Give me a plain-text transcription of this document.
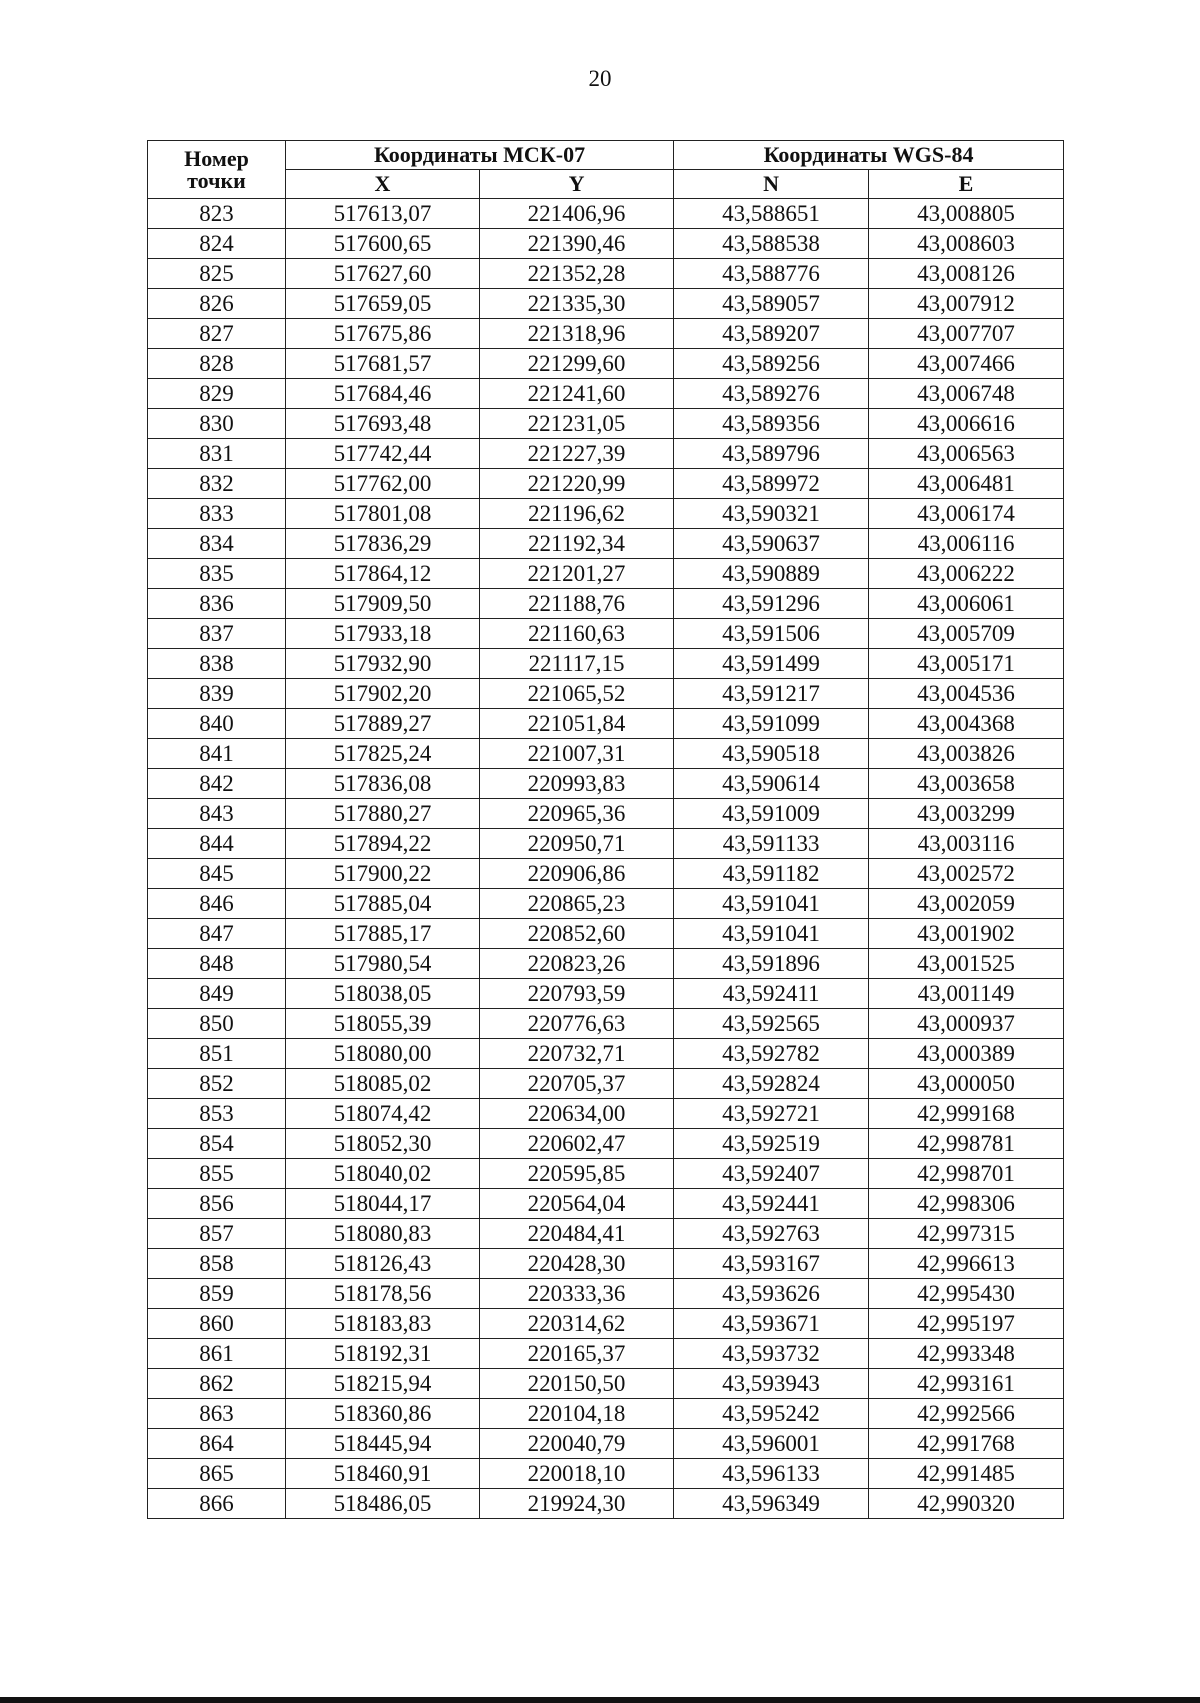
20
Номер
точки	Координаты МСК-07		Координаты WGS-84	
	X	Y	N	E
823	517613,07	221406,96	43,588651	43,008805
824	517600,65	221390,46	43,588538	43,008603
825	517627,60	221352,28	43,588776	43,008126
826	517659,05	221335,30	43,589057	43,007912
827	517675,86	221318,96	43,589207	43,007707
828	517681,57	221299,60	43,589256	43,007466
829	517684,46	221241,60	43,589276	43,006748
830	517693,48	221231,05	43,589356	43,006616
831	517742,44	221227,39	43,589796	43,006563
832	517762,00	221220,99	43,589972	43,006481
833	517801,08	221196,62	43,590321	43,006174
834	517836,29	221192,34	43,590637	43,006116
835	517864,12	221201,27	43,590889	43,006222
836	517909,50	221188,76	43,591296	43,006061
837	517933,18	221160,63	43,591506	43,005709
838	517932,90	221117,15	43,591499	43,005171
839	517902,20	221065,52	43,591217	43,004536
840	517889,27	221051,84	43,591099	43,004368
841	517825,24	221007,31	43,590518	43,003826
842	517836,08	220993,83	43,590614	43,003658
843	517880,27	220965,36	43,591009	43,003299
844	517894,22	220950,71	43,591133	43,003116
845	517900,22	220906,86	43,591182	43,002572
846	517885,04	220865,23	43,591041	43,002059
847	517885,17	220852,60	43,591041	43,001902
848	517980,54	220823,26	43,591896	43,001525
849	518038,05	220793,59	43,592411	43,001149
850	518055,39	220776,63	43,592565	43,000937
851	518080,00	220732,71	43,592782	43,000389
852	518085,02	220705,37	43,592824	43,000050
853	518074,42	220634,00	43,592721	42,999168
854	518052,30	220602,47	43,592519	42,998781
855	518040,02	220595,85	43,592407	42,998701
856	518044,17	220564,04	43,592441	42,998306
857	518080,83	220484,41	43,592763	42,997315
858	518126,43	220428,30	43,593167	42,996613
859	518178,56	220333,36	43,593626	42,995430
860	518183,83	220314,62	43,593671	42,995197
861	518192,31	220165,37	43,593732	42,993348
862	518215,94	220150,50	43,593943	42,993161
863	518360,86	220104,18	43,595242	42,992566
864	518445,94	220040,79	43,596001	42,991768
865	518460,91	220018,10	43,596133	42,991485
866	518486,05	219924,30	43,596349	42,990320
